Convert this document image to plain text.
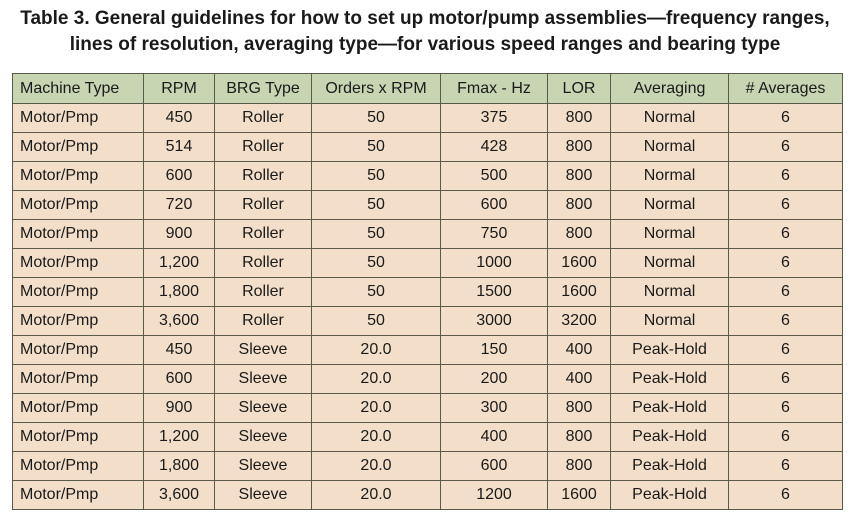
Table 3. General guidelines for how to set up motor/pump assemblies—frequency ranges,
lines of resolution, averaging type—for various speed ranges and bearing type
Machine Type	RPM	BRG Type	Orders x RPM	Fmax - Hz	LOR	Averaging	# Averages
Motor/Pmp	450	Roller	50	375	800	Normal	6
Motor/Pmp	514	Roller	50	428	800	Normal	6
Motor/Pmp	600	Roller	50	500	800	Normal	6
Motor/Pmp	720	Roller	50	600	800	Normal	6
Motor/Pmp	900	Roller	50	750	800	Normal	6
Motor/Pmp	1,200	Roller	50	1000	1600	Normal	6
Motor/Pmp	1,800	Roller	50	1500	1600	Normal	6
Motor/Pmp	3,600	Roller	50	3000	3200	Normal	6
Motor/Pmp	450	Sleeve	20.0	150	400	Peak-Hold	6
Motor/Pmp	600	Sleeve	20.0	200	400	Peak-Hold	6
Motor/Pmp	900	Sleeve	20.0	300	800	Peak-Hold	6
Motor/Pmp	1,200	Sleeve	20.0	400	800	Peak-Hold	6
Motor/Pmp	1,800	Sleeve	20.0	600	800	Peak-Hold	6
Motor/Pmp	3,600	Sleeve	20.0	1200	1600	Peak-Hold	6
